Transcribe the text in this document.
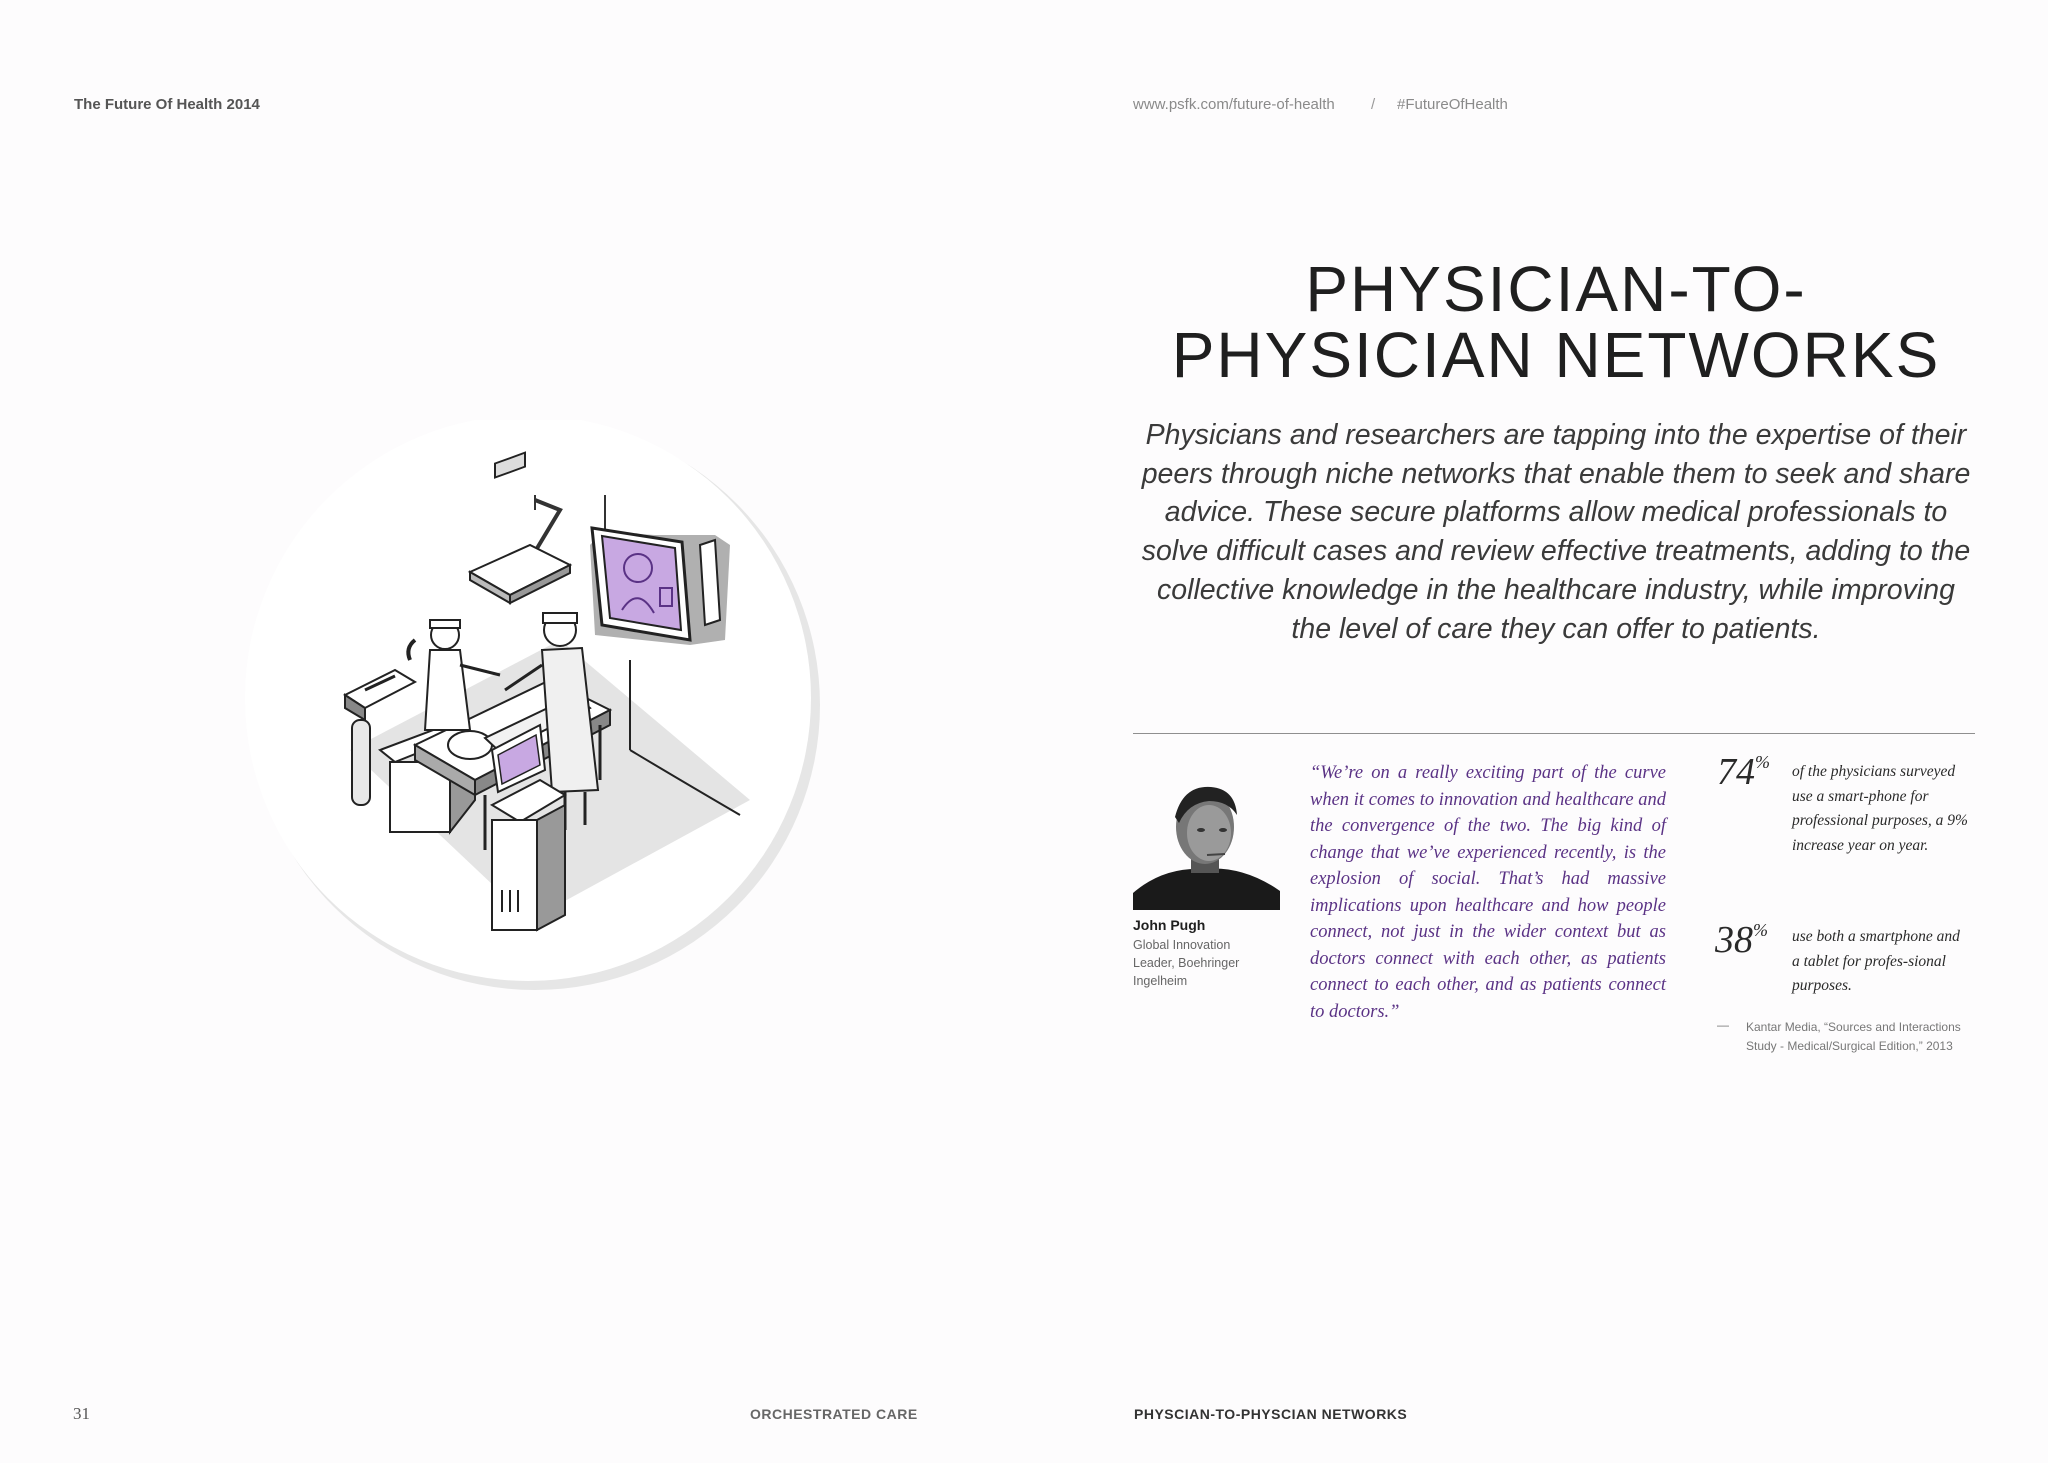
The Future Of Health 2014	www.psfk.com/future-of-health / #FutureOfHealth
PHYSICIAN-TO-PHYSICIAN NETWORKS
Physicians and researchers are tapping into the expertise of their peers through niche networks that enable them to seek and share advice. These secure platforms allow medical professionals to solve difficult cases and review effective treatments, adding to the collective knowledge in the healthcare industry, while improving the level of care they can offer to patients.
John Pugh
Global Innovation Leader, Boehringer Ingelheim
“We’re on a really exciting part of the curve when it comes to innovation and healthcare and the convergence of the two. The big kind of change that we’ve experienced recently, is the explosion of social. That’s had massive implications upon healthcare and how people connect, not just in the wider context but as doctors connect with each other, as patients connect to each other, and as patients connect to doctors.”
74% of the physicians surveyed use a smart-phone for professional purposes, a 9% increase year on year.
38% use both a smartphone and a tablet for profes-sional purposes.
— Kantar Media, “Sources and Interactions Study - Medical/Surgical Edition,” 2013
31	ORCHESTRATED CARE	PHYSCIAN-TO-PHYSCIAN NETWORKS
